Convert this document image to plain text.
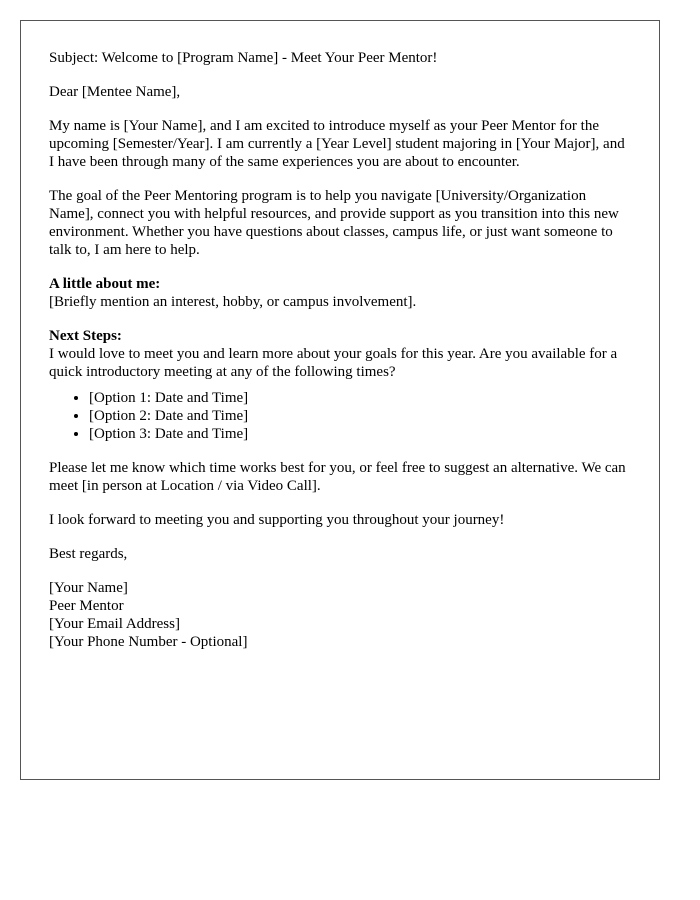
Subject: Welcome to [Program Name] - Meet Your Peer Mentor!

Dear [Mentee Name],

My name is [Your Name], and I am excited to introduce myself as your Peer Mentor for the upcoming [Semester/Year]. I am currently a [Year Level] student majoring in [Your Major], and I have been through many of the same experiences you are about to encounter.

The goal of the Peer Mentoring program is to help you navigate [University/Organization Name], connect you with helpful resources, and provide support as you transition into this new environment. Whether you have questions about classes, campus life, or just want someone to talk to, I am here to help.

A little about me:
[Briefly mention an interest, hobby, or campus involvement].

Next Steps:
I would love to meet you and learn more about your goals for this year. Are you available for a quick introductory meeting at any of the following times?

• [Option 1: Date and Time]
• [Option 2: Date and Time]
• [Option 3: Date and Time]

Please let me know which time works best for you, or feel free to suggest an alternative. We can meet [in person at Location / via Video Call].

I look forward to meeting you and supporting you throughout your journey!

Best regards,

[Your Name]
Peer Mentor
[Your Email Address]
[Your Phone Number - Optional]
